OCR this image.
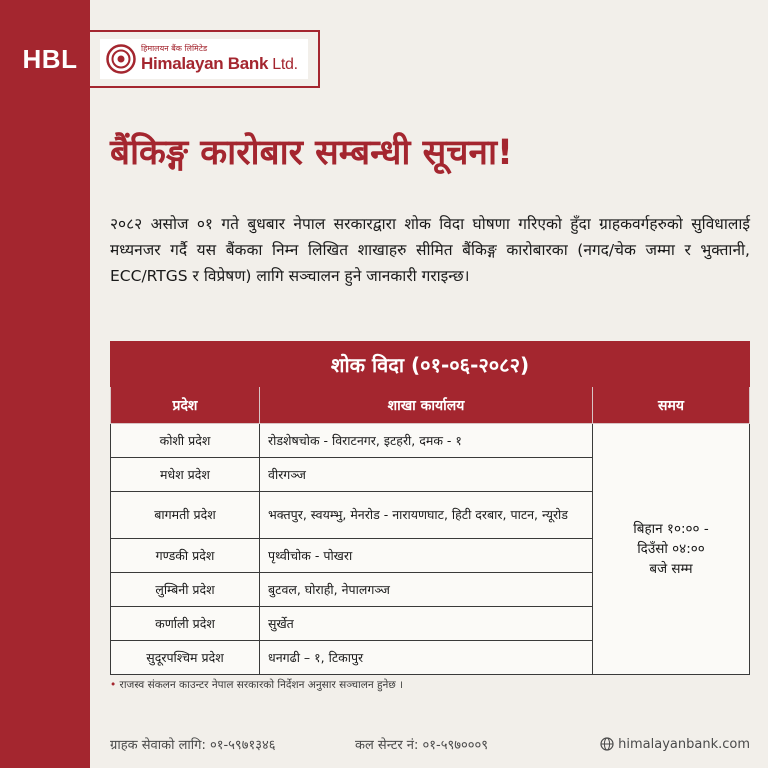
HBL	हिमालयन बैंक लिमिटेड
Himalayan Bank Ltd.
बैंकिङ्ग कारोबार सम्बन्धी सूचना!

२०८२ असोज ०१ गते बुधबार नेपाल सरकारद्वारा शोक विदा घोषणा गरिएको हुँदा ग्राहकवर्गहरुको सुविधालाई मध्यनजर गर्दै यस बैंकका निम्न लिखित शाखाहरु सीमित बैंकिङ्ग कारोबारका (नगद/चेक जम्मा र भुक्तानी, ECC/RTGS र विप्रेषण) लागि सञ्चालन हुने जानकारी गराइन्छ।

शोक विदा (०१-०६-२०८२)		
प्रदेश	शाखा कार्यालय	समय
कोशी प्रदेश	रोडशेषचोक - विराटनगर, इटहरी, दमक - १	बिहान १०:०० -
दिउँसो ०४:००
बजे सम्म
मधेश प्रदेश	वीरगञ्ज	
बागमती प्रदेश	भक्तपुर, स्वयम्भु, मेनरोड - नारायणघाट, हिटी दरबार, पाटन, न्यूरोड	
गण्डकी प्रदेश	पृथ्वीचोक - पोखरा	
लुम्बिनी प्रदेश	बुटवल, घोराही, नेपालगञ्ज	
कर्णाली प्रदेश	सुर्खेत	
सुदूरपश्चिम प्रदेश	धनगढी – १, टिकापुर	

• राजस्व संकलन काउन्टर नेपाल सरकारको निर्देशन अनुसार सञ्चालन हुनेछ ।

ग्राहक सेवाको लागि: ०१-५९७१३४६	कल सेन्टर नं: ०१-५९७०००९	himalayanbank.com
